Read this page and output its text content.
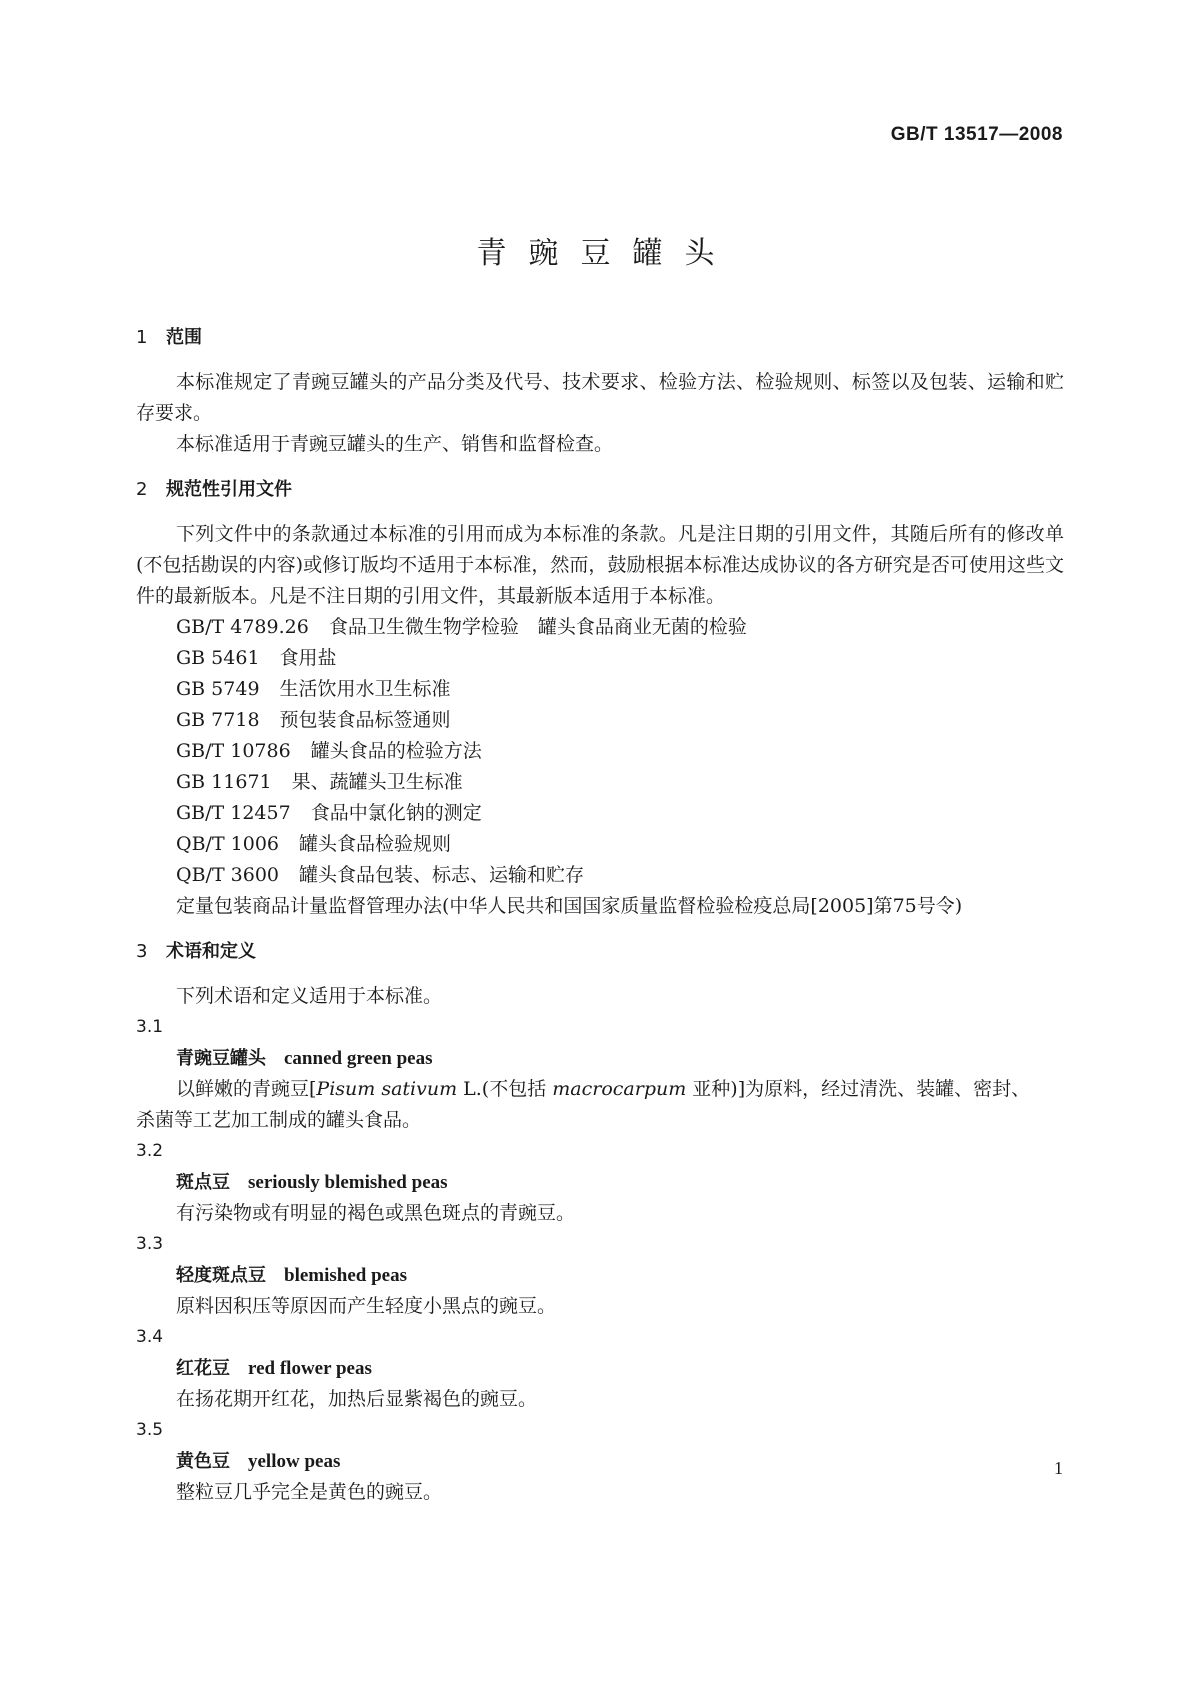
GB/T 13517—2008
青豌豆罐头
1 范围
本标准规定了青豌豆罐头的产品分类及代号、技术要求、检验方法、检验规则、标签以及包装、运输和贮存要求。
本标准适用于青豌豆罐头的生产、销售和监督检查。
2 规范性引用文件
下列文件中的条款通过本标准的引用而成为本标准的条款。凡是注日期的引用文件，其随后所有的修改单(不包括勘误的内容)或修订版均不适用于本标准，然而，鼓励根据本标准达成协议的各方研究是否可使用这些文件的最新版本。凡是不注日期的引用文件，其最新版本适用于本标准。
GB/T 4789.26 食品卫生微生物学检验　罐头食品商业无菌的检验
GB 5461 食用盐
GB 5749 生活饮用水卫生标准
GB 7718 预包装食品标签通则
GB/T 10786 罐头食品的检验方法
GB 11671 果、蔬罐头卫生标准
GB/T 12457 食品中氯化钠的测定
QB/T 1006 罐头食品检验规则
QB/T 3600 罐头食品包装、标志、运输和贮存
定量包装商品计量监督管理办法(中华人民共和国国家质量监督检验检疫总局[2005]第75号令)
3 术语和定义
下列术语和定义适用于本标准。
3.1
青豌豆罐头 canned green peas
以鲜嫩的青豌豆[Pisum sativum L.(不包括 macrocarpum 亚种)]为原料，经过清洗、装罐、密封、
杀菌等工艺加工制成的罐头食品。
3.2
斑点豆 seriously blemished peas
有污染物或有明显的褐色或黑色斑点的青豌豆。
3.3
轻度斑点豆 blemished peas
原料因积压等原因而产生轻度小黑点的豌豆。
3.4
红花豆 red flower peas
在扬花期开红花，加热后显紫褐色的豌豆。
3.5
黄色豆 yellow peas
整粒豆几乎完全是黄色的豌豆。
1
